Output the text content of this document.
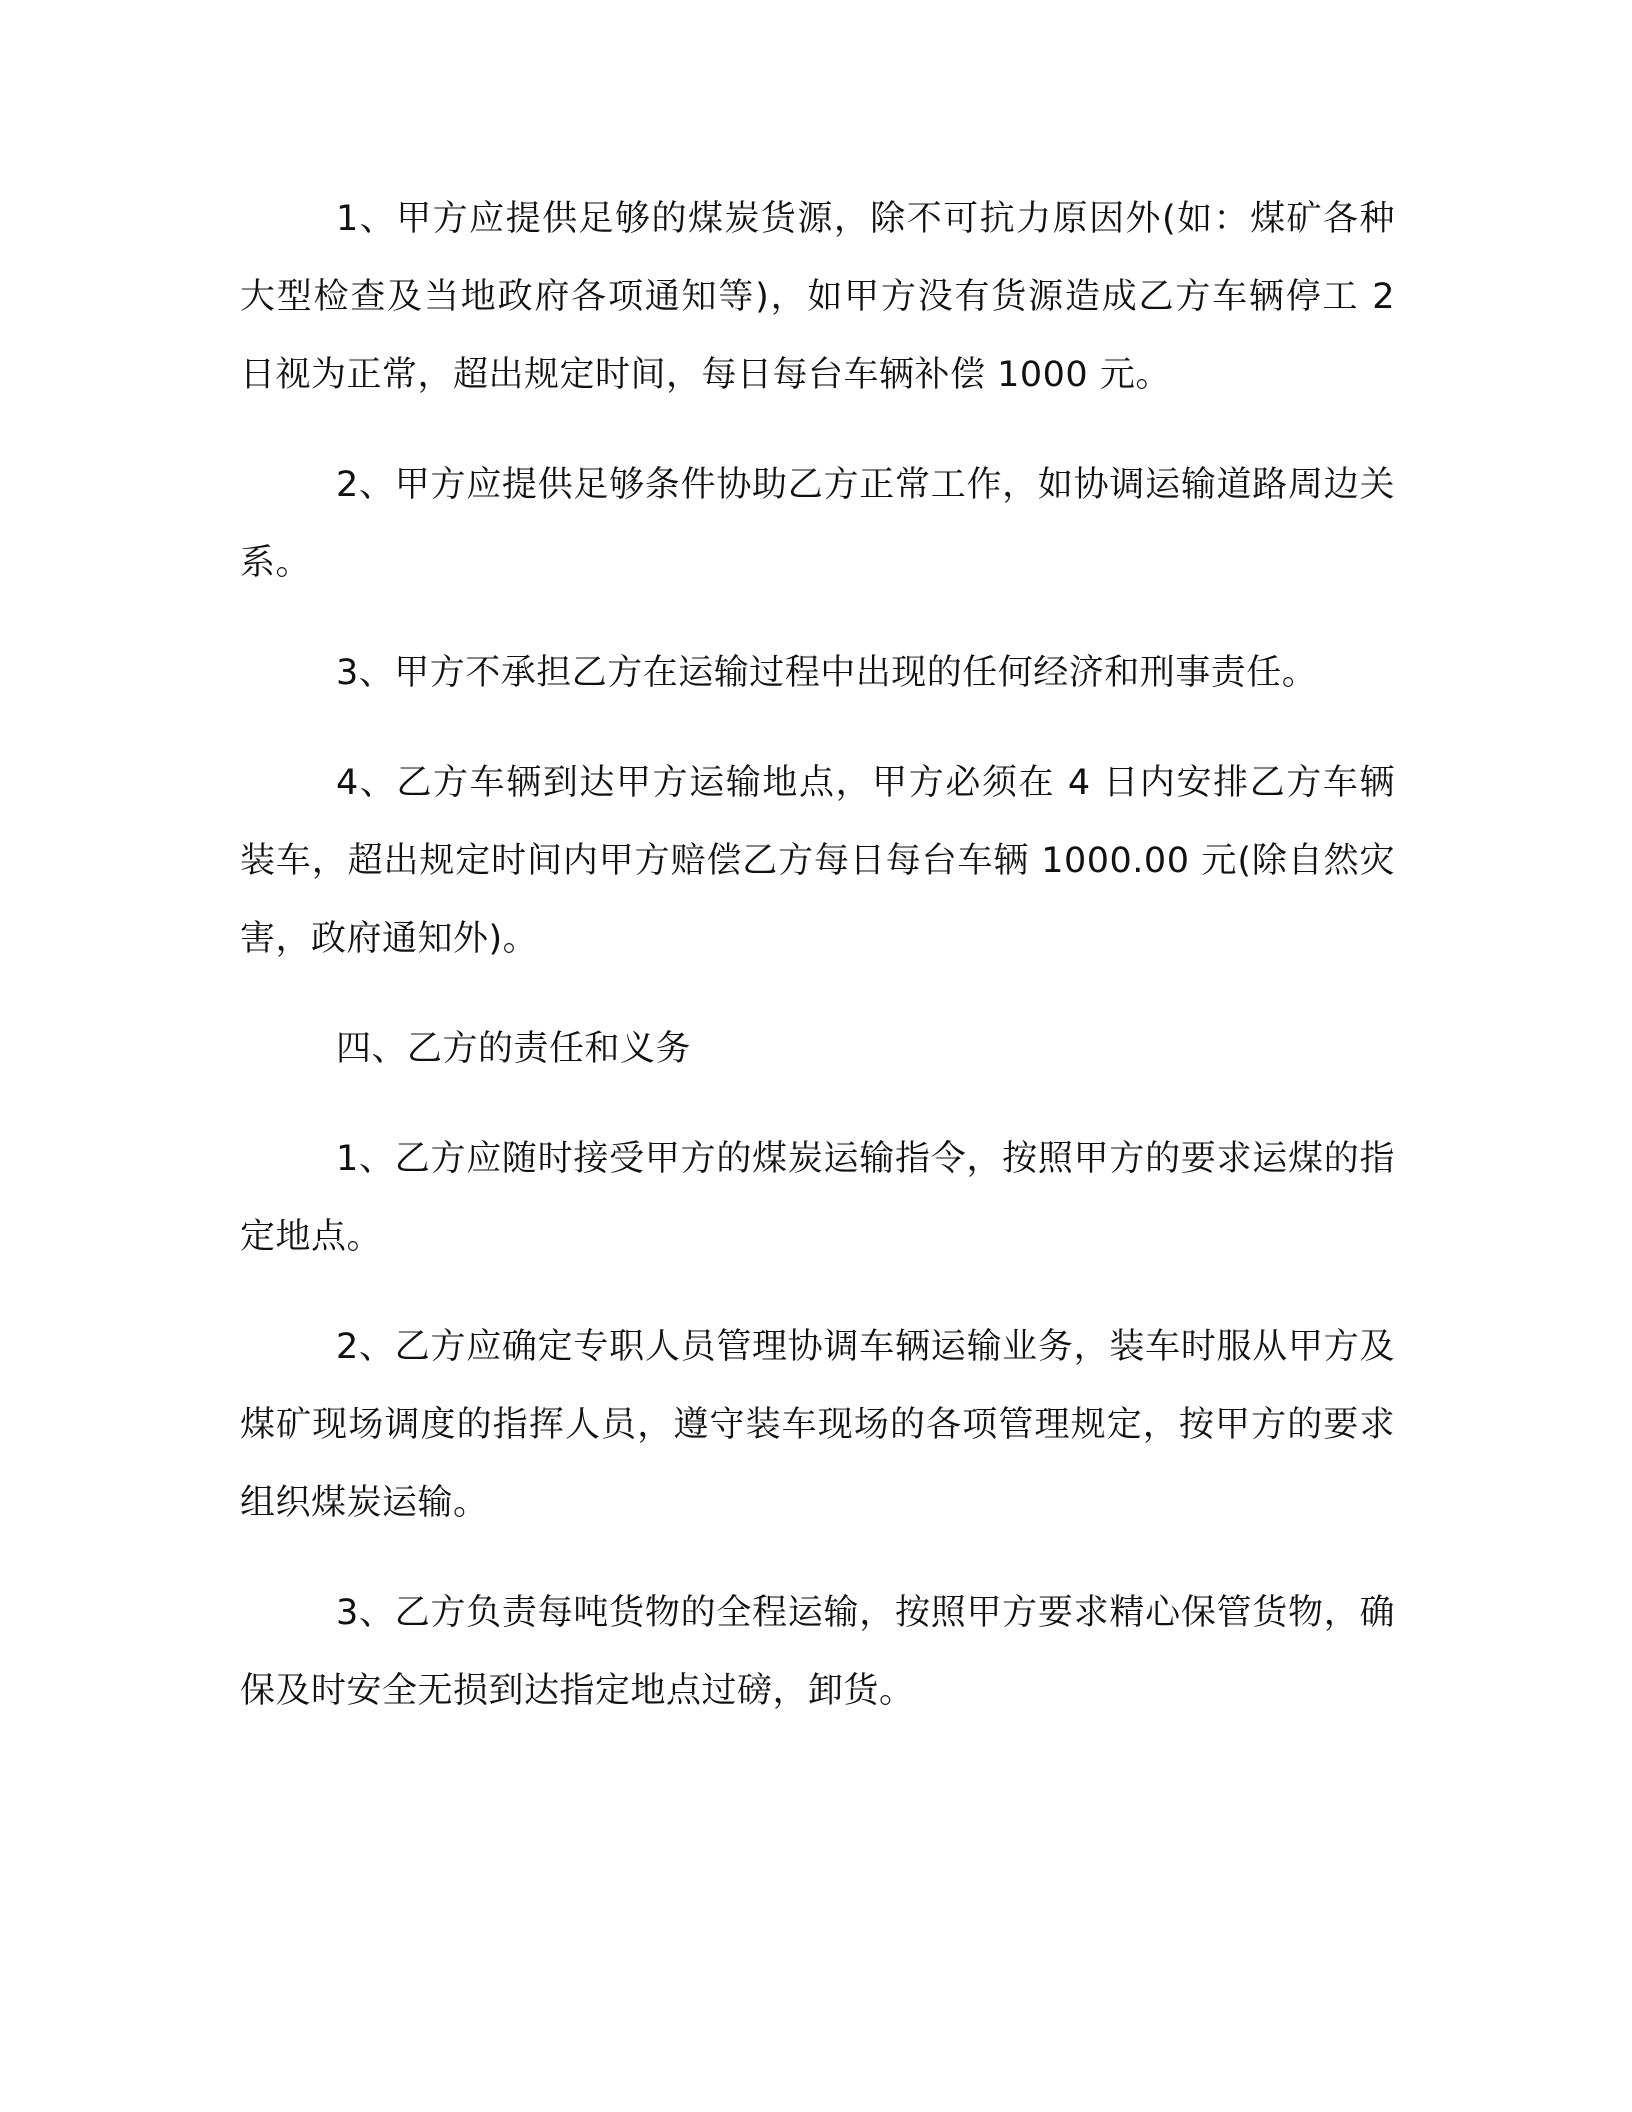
1、甲方应提供足够的煤炭货源，除不可抗力原因外(如：煤矿各种大型检查及当地政府各项通知等)，如甲方没有货源造成乙方车辆停工 2 日视为正常，超出规定时间，每日每台车辆补偿 1000 元。

2、甲方应提供足够条件协助乙方正常工作，如协调运输道路周边关系。

3、甲方不承担乙方在运输过程中出现的任何经济和刑事责任。

4、乙方车辆到达甲方运输地点，甲方必须在 4 日内安排乙方车辆装车，超出规定时间内甲方赔偿乙方每日每台车辆 1000.00 元(除自然灾害，政府通知外)。

四、乙方的责任和义务

1、乙方应随时接受甲方的煤炭运输指令，按照甲方的要求运煤的指定地点。

2、乙方应确定专职人员管理协调车辆运输业务，装车时服从甲方及煤矿现场调度的指挥人员，遵守装车现场的各项管理规定，按甲方的要求组织煤炭运输。

3、乙方负责每吨货物的全程运输，按照甲方要求精心保管货物，确保及时安全无损到达指定地点过磅，卸货。
